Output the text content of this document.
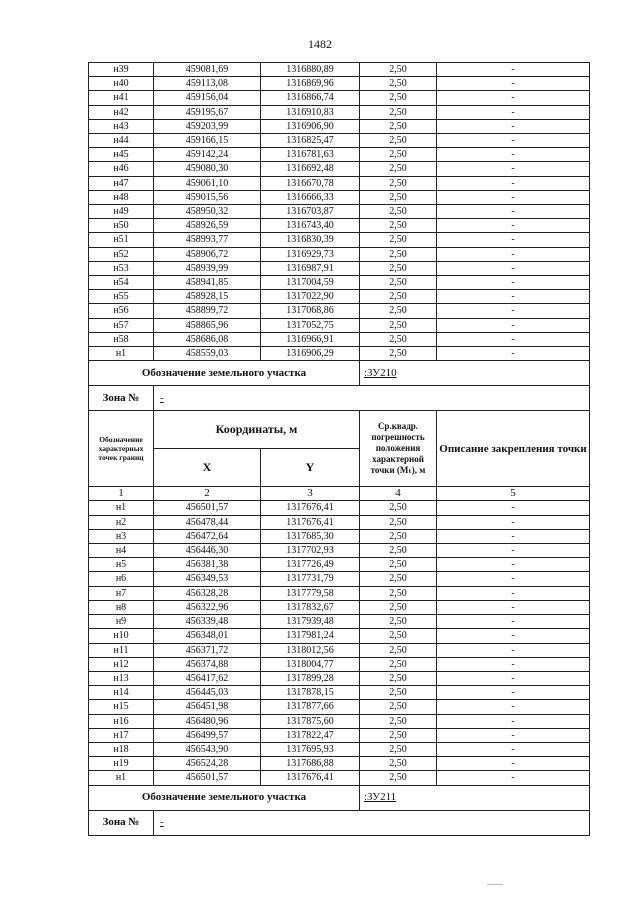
1482
н39	459081,69	1316880,89	2,50	-
н40	459113,08	1316869,96	2,50	-
н41	459156,04	1316866,74	2,50	-
н42	459195,67	1316910,83	2,50	-
н43	459203,99	1316906,90	2,50	-
н44	459166,15	1316825,47	2,50	-
н45	459142,24	1316781,63	2,50	-
н46	459080,30	1316692,48	2,50	-
н47	459061,10	1316670,78	2,50	-
н48	459015,56	1316666,33	2,50	-
н49	458950,32	1316703,87	2,50	-
н50	458926,59	1316743,40	2,50	-
н51	458993,77	1316830,39	2,50	-
н52	458906,72	1316929,73	2,50	-
н53	458939,99	1316987,91	2,50	-
н54	458941,85	1317004,59	2,50	-
н55	458928,15	1317022,90	2,50	-
н56	458899,72	1317068,86	2,50	-
н57	458865,96	1317052,75	2,50	-
н58	458686,08	1316966,91	2,50	-
н1	458559,03	1316906,29	2,50	-
Обозначение земельного участка			:ЗУ210	
Зона №	-			
Обозначение характерных точек границ	Координаты, м		Ср.квадр. погрешность положения характерной точки (Мₜ), м	Описание закрепления точки
	X	Y		
1	2	3	4	5
н1	456501,57	1317676,41	2,50	-
н2	456478,44	1317676,41	2,50	-
н3	456472,64	1317685,30	2,50	-
н4	456446,30	1317702,93	2,50	-
н5	456381,38	1317726,49	2,50	-
н6	456349,53	1317731,79	2,50	-
н7	456328,28	1317779,58	2,50	-
н8	456322,96	1317832,67	2,50	-
н9	456339,48	1317939,48	2,50	-
н10	456348,01	1317981,24	2,50	-
н11	456371,72	1318012,56	2,50	-
н12	456374,88	1318004,77	2,50	-
н13	456417,62	1317899,28	2,50	-
н14	456445,03	1317878,15	2,50	-
н15	456451,98	1317877,66	2,50	-
н16	456480,96	1317875,60	2,50	-
н17	456499,57	1317822,47	2,50	-
н18	456543,90	1317695,93	2,50	-
н19	456524,28	1317686,88	2,50	-
н1	456501,57	1317676,41	2,50	-
Обозначение земельного участка			:ЗУ211	
Зона №	-			
